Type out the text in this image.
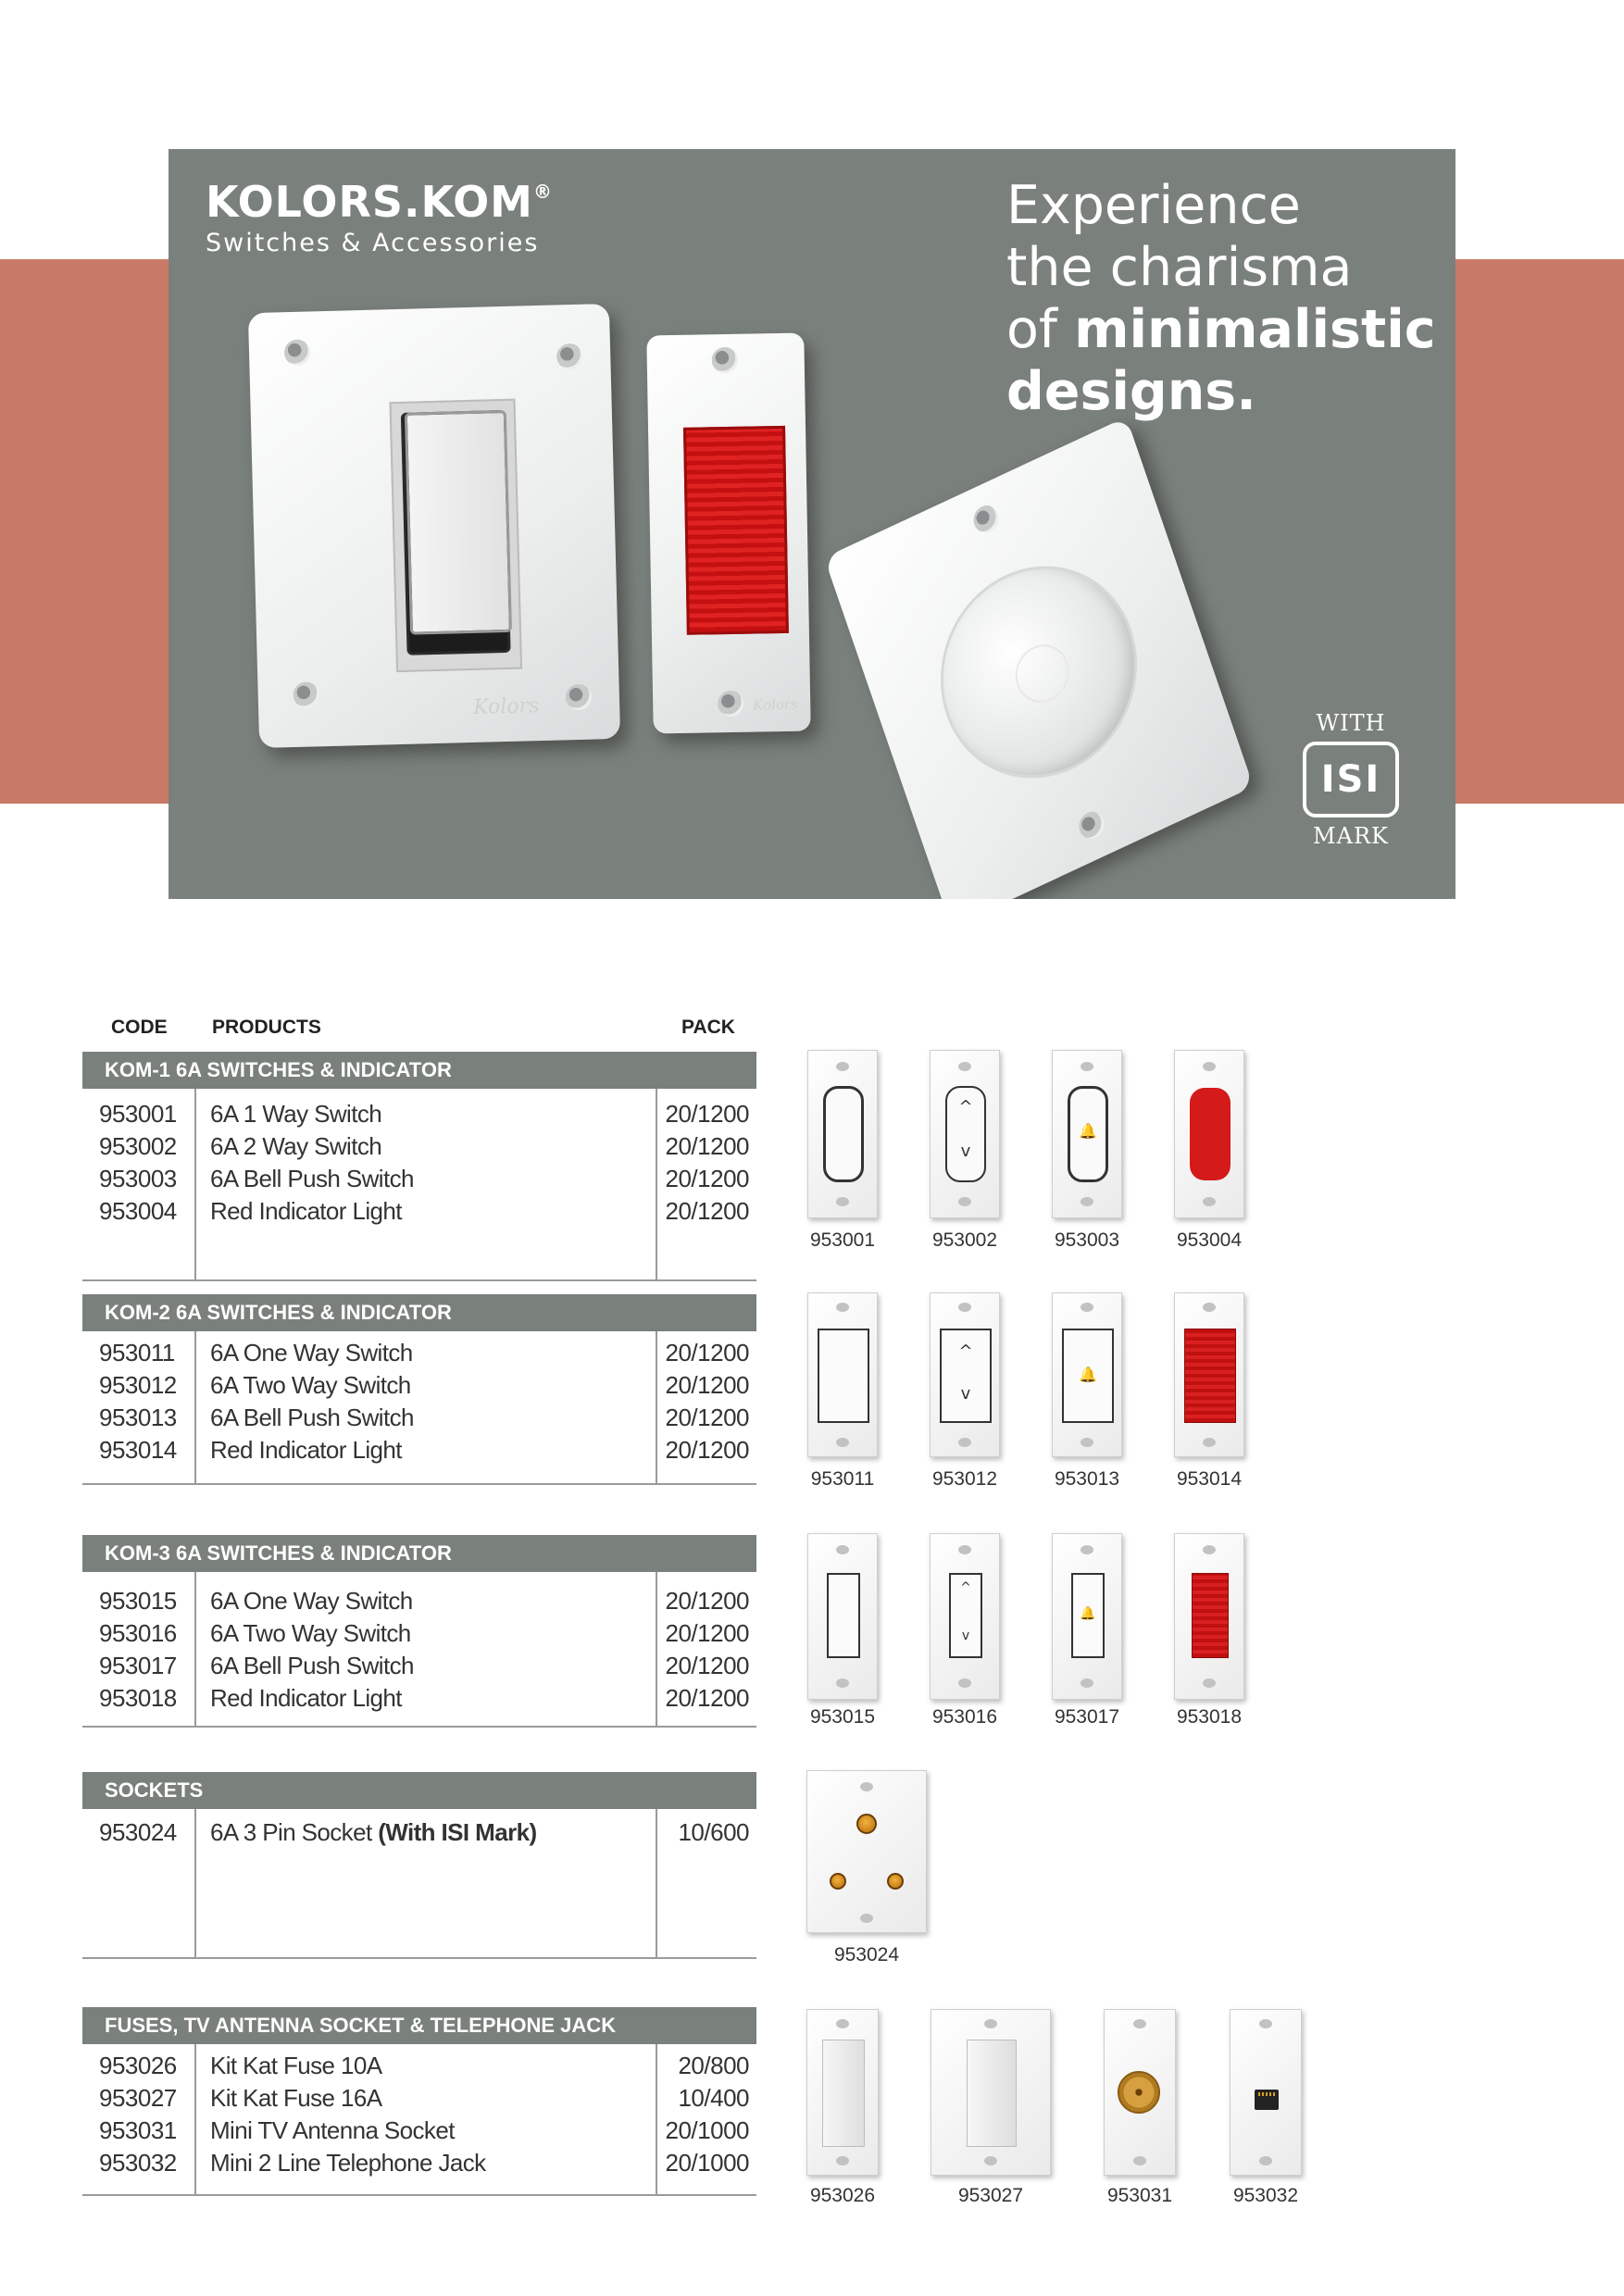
KOLORS.KOM®
Switches & Accessories
Experience
the charisma
of minimalistic
designs.
Kolors	Kolors
WITH
ISI
MARK
CODE PRODUCTS	PACK
KOM-1 6A SWITCHES & INDICATOR
953001	6A 1 Way Switch	20/1200
953002	6A 2 Way Switch	20/1200
953003	6A Bell Push Switch	20/1200
953004	Red Indicator Light	20/1200
KOM-2 6A SWITCHES & INDICATOR
953011	6A One Way Switch	20/1200
953012	6A Two Way Switch	20/1200
953013	6A Bell Push Switch	20/1200
953014	Red Indicator Light	20/1200
KOM-3 6A SWITCHES & INDICATOR
953015	6A One Way Switch	20/1200
953016	6A Two Way Switch	20/1200
953017	6A Bell Push Switch	20/1200
953018	Red Indicator Light	20/1200
SOCKETS
953024	6A 3 Pin Socket (With ISI Mark)	10/600
FUSES, TV ANTENNA SOCKET & TELEPHONE JACK
953026	Kit Kat Fuse 10A	20/800
953027	Kit Kat Fuse 16A	10/400
953031	Mini TV Antenna Socket	20/1000
953032	Mini 2 Line Telephone Jack	20/1000
^
v
🔔
953001	953002	953003	953004
^
v
🔔
953011	953012	953013	953014
^
v
🔔
953015	953016	953017	953018
953024
953026	953027	953031	953032
